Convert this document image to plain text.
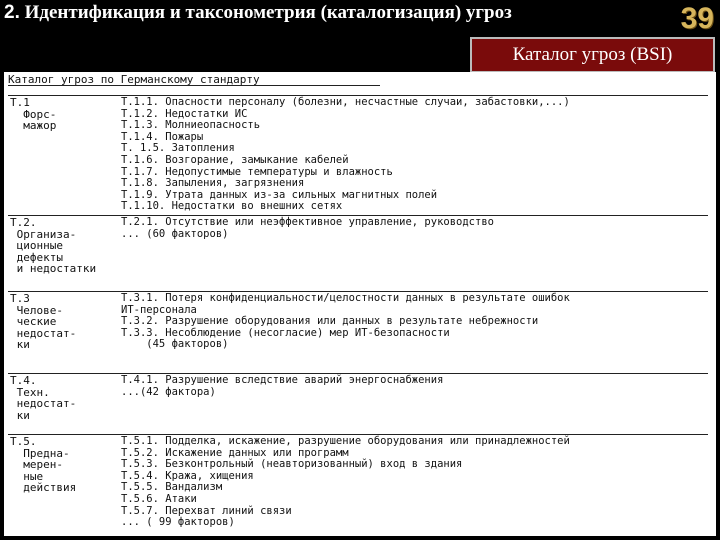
2. Идентификация и таксонометрия (каталогизация) угроз	39
Каталог угроз (BSI)
Каталог угроз по Германскому стандарту
Т.1
Форс-
мажор
Т.1.1. Опасности персоналу (болезни, несчастные случаи, забастовки,...)
Т.1.2. Недостатки ИС
Т.1.3. Молниеопасность
Т.1.4. Пожары
Т. 1.5. Затопления
Т.1.6. Возгорание, замыкание кабелей
Т.1.7. Недопустимые температуры и влажность
Т.1.8. Запыления, загрязнения
Т.1.9. Утрата данных из-за сильных магнитных полей
Т.1.10. Недостатки во внешних сетях
Т.2.
Организа-
ционные
дефекты
и недостатки
Т.2.1. Отсутствие или неэффективное управление, руководство
... (60 факторов)
Т.3
Челове-
ческие
недостат-
ки
Т.3.1. Потеря конфиденциальности/целостности данных в результате ошибок
ИТ-персонала
Т.3.2. Разрушение оборудования или данных в результате небрежности
Т.3.3. Несоблюдение (несогласие) мер ИТ-безопасности
(45 факторов)
Т.4.
Техн.
недостат-
ки
Т.4.1. Разрушение вследствие аварий энергоснабжения
...(42 фактора)
Т.5.
Предна-
мерен-
ные
действия
Т.5.1. Подделка, искажение, разрушение оборудования или принадлежностей
Т.5.2. Искажение данных или программ
Т.5.3. Безконтрольный (неавторизованный) вход в здания
Т.5.4. Кража, хищения
Т.5.5. Вандализм
Т.5.6. Атаки
Т.5.7. Перехват линий связи
... ( 99 факторов)
